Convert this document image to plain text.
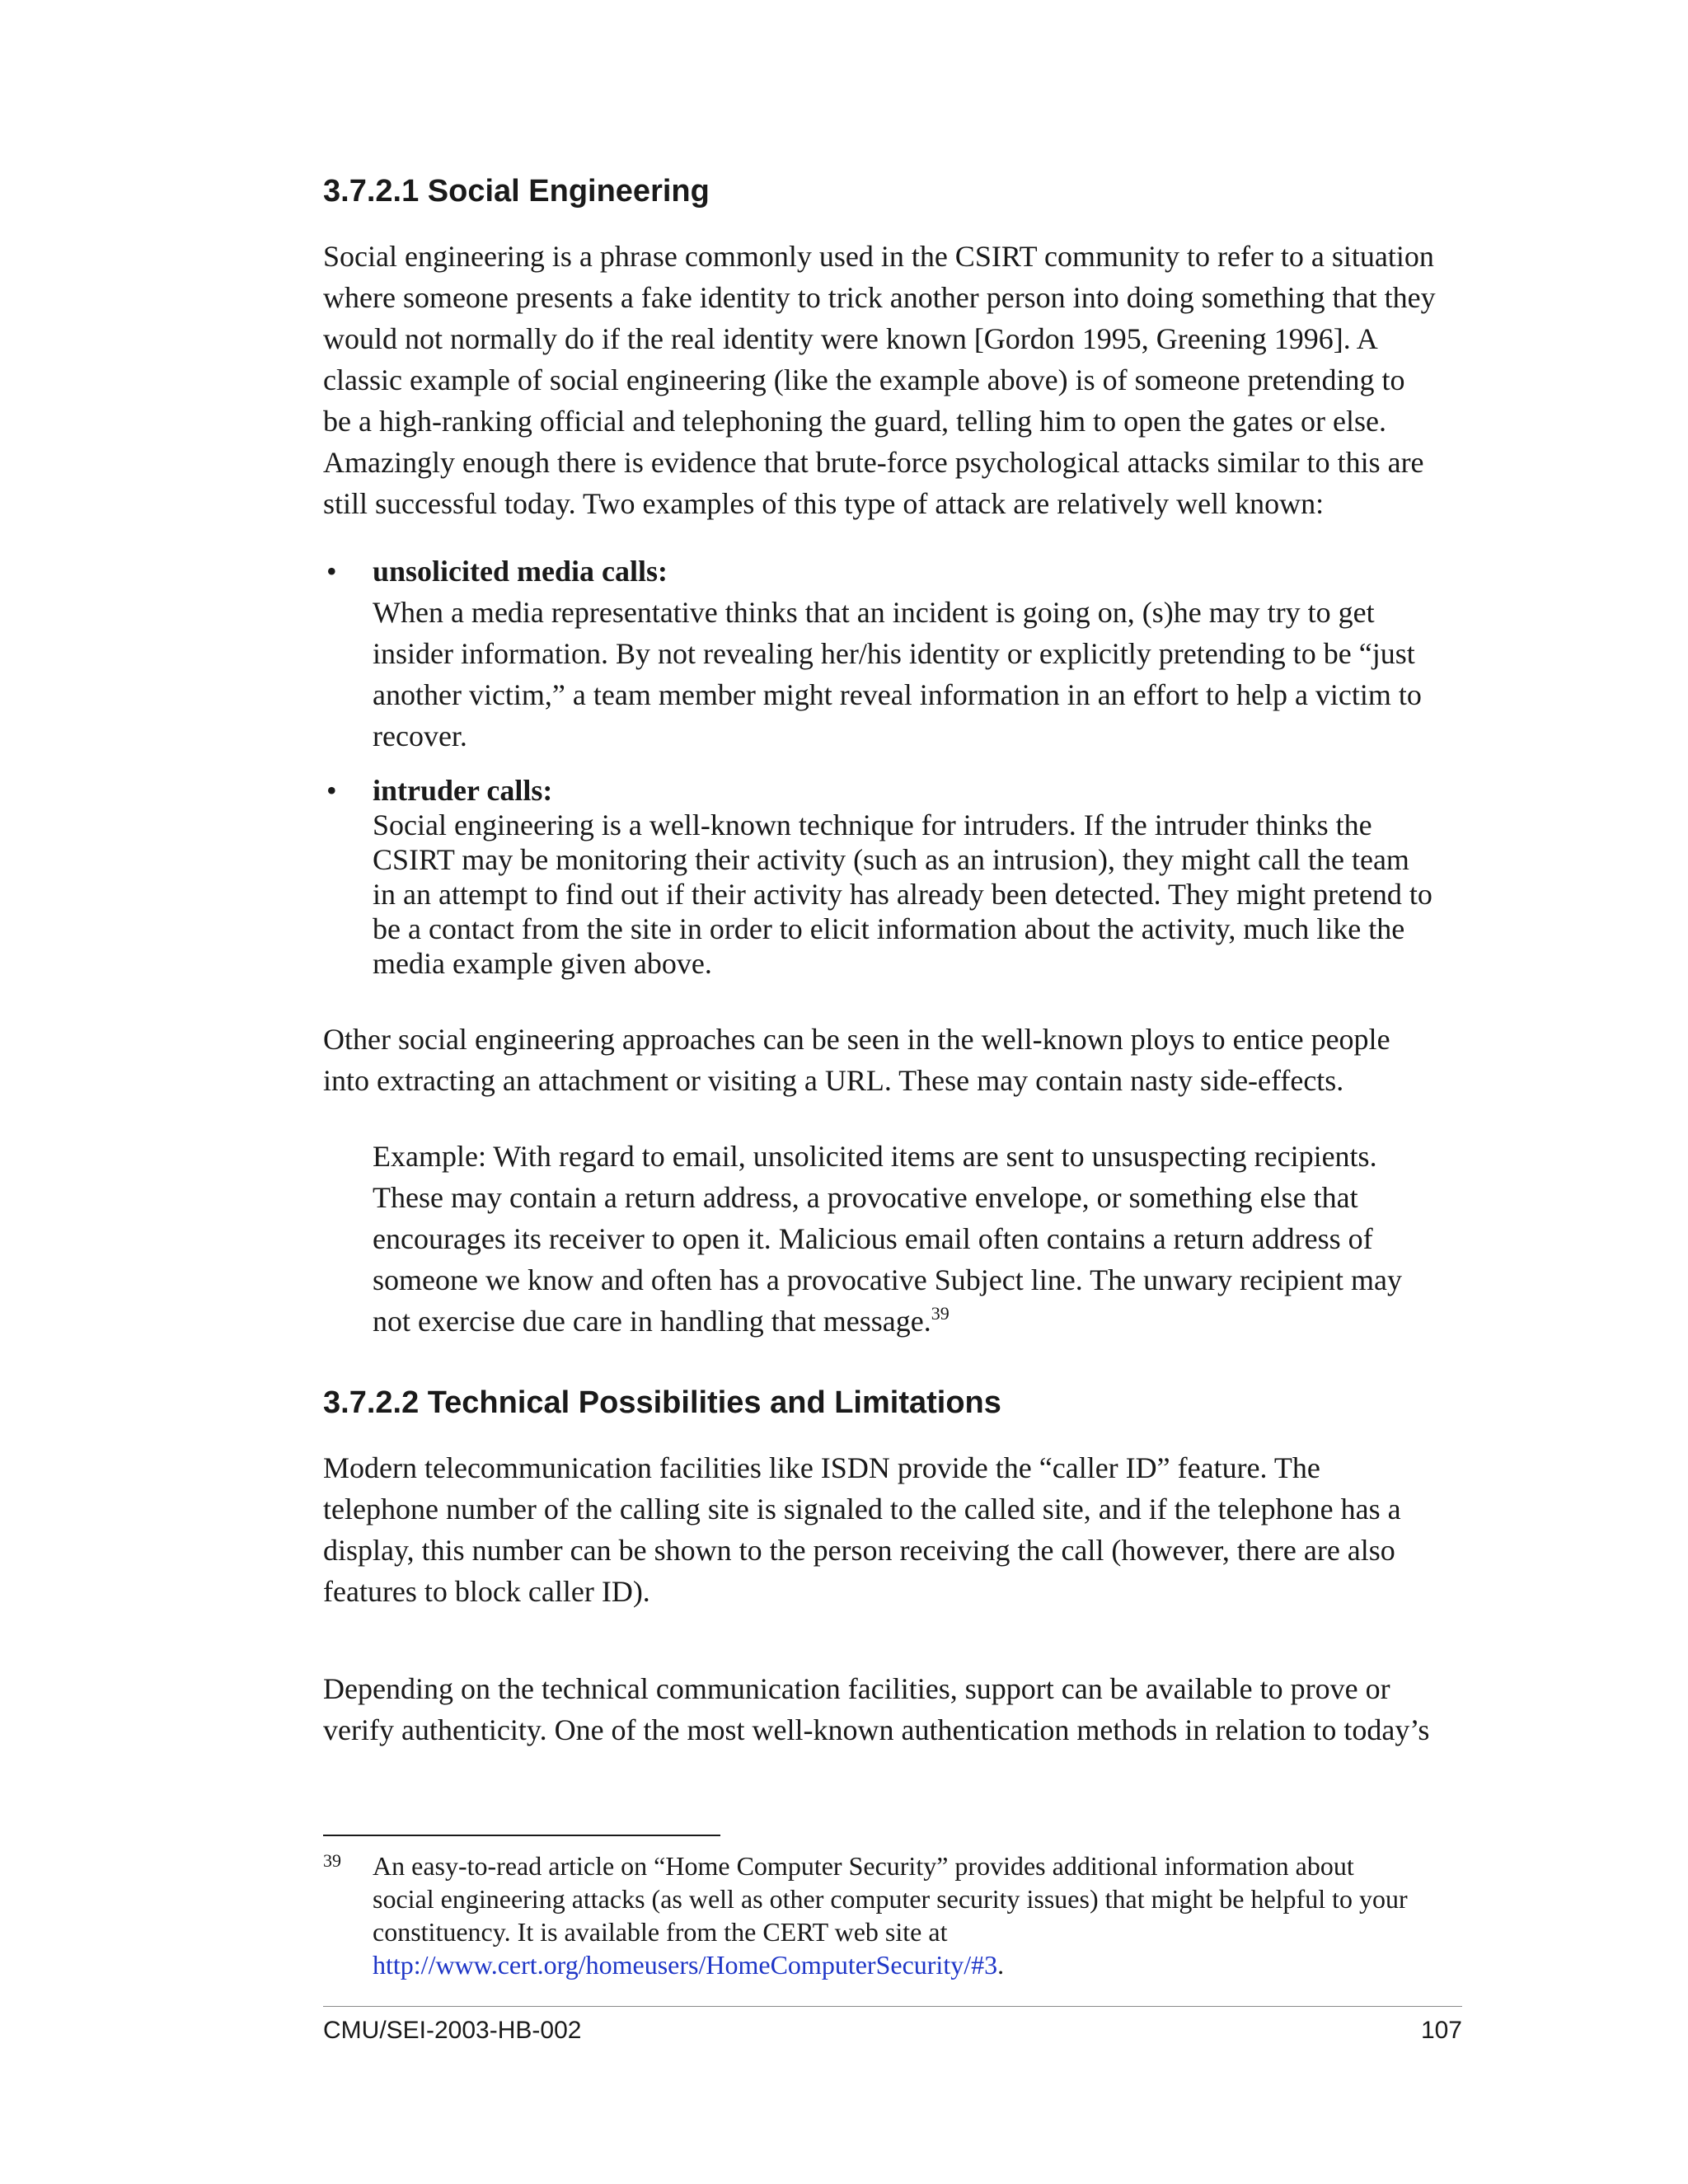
3.7.2.1 Social Engineering

Social engineering is a phrase commonly used in the CSIRT community to refer to a situation
where someone presents a fake identity to trick another person into doing something that they
would not normally do if the real identity were known [Gordon 1995, Greening 1996]. A
classic example of social engineering (like the example above) is of someone pretending to
be a high-ranking official and telephoning the guard, telling him to open the gates or else.
Amazingly enough there is evidence that brute-force psychological attacks similar to this are
still successful today. Two examples of this type of attack are relatively well known:

• unsolicited media calls:
When a media representative thinks that an incident is going on, (s)he may try to get
insider information. By not revealing her/his identity or explicitly pretending to be “just
another victim,” a team member might reveal information in an effort to help a victim to
recover.
• intruder calls:
Social engineering is a well-known technique for intruders. If the intruder thinks the
CSIRT may be monitoring their activity (such as an intrusion), they might call the team
in an attempt to find out if their activity has already been detected. They might pretend to
be a contact from the site in order to elicit information about the activity, much like the
media example given above.

Other social engineering approaches can be seen in the well-known ploys to entice people
into extracting an attachment or visiting a URL. These may contain nasty side-effects.

Example: With regard to email, unsolicited items are sent to unsuspecting recipients.
These may contain a return address, a provocative envelope, or something else that
encourages its receiver to open it. Malicious email often contains a return address of
someone we know and often has a provocative Subject line. The unwary recipient may
not exercise due care in handling that message.$^{39}$

3.7.2.2 Technical Possibilities and Limitations

Modern telecommunication facilities like ISDN provide the “caller ID” feature. The
telephone number of the calling site is signaled to the called site, and if the telephone has a
display, this number can be shown to the person receiving the call (however, there are also
features to block caller ID).

Depending on the technical communication facilities, support can be available to prove or
verify authenticity. One of the most well-known authentication methods in relation to today’s

39 An easy-to-read article on “Home Computer Security” provides additional information about
social engineering attacks (as well as other computer security issues) that might be helpful to your
constituency. It is available from the CERT web site at
http://www.cert.org/homeusers/HomeComputerSecurity/#3.
CMU/SEI-2003-HB-002	107
